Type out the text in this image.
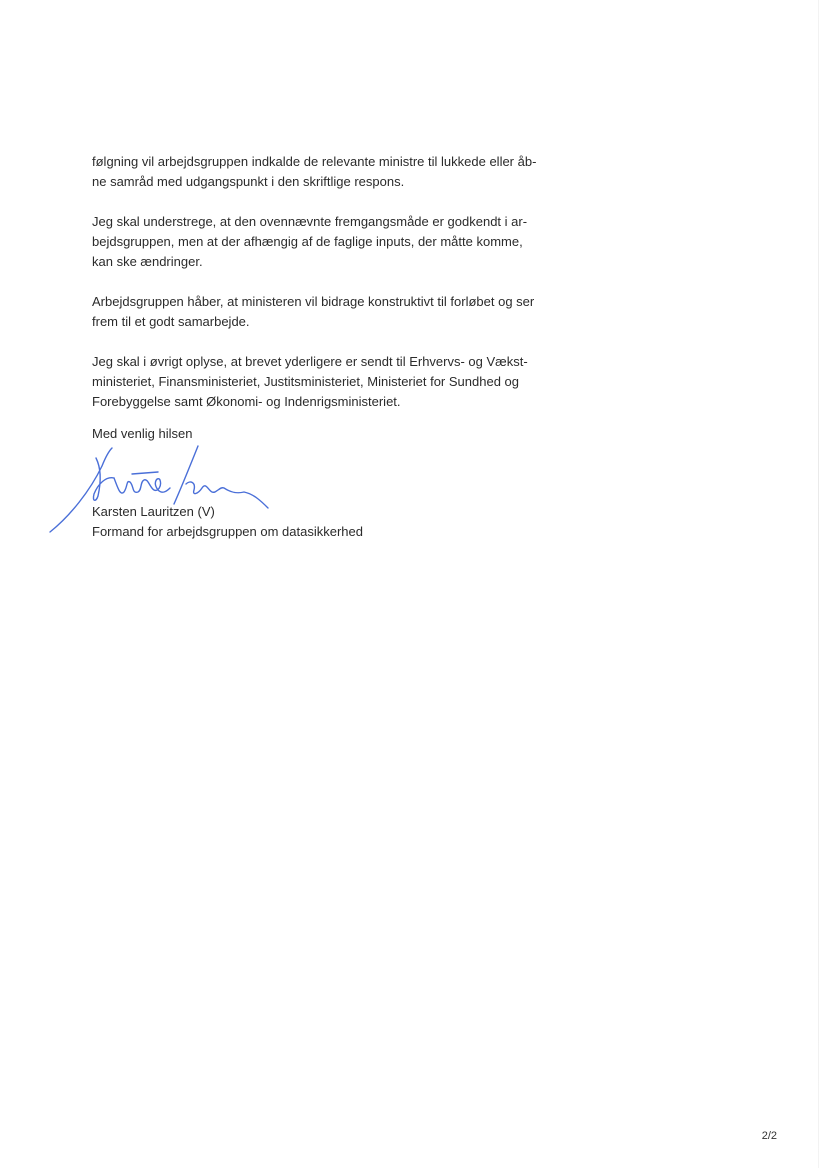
følgning vil arbejdsgruppen indkalde de relevante ministre til lukkede eller åb-
ne samråd med udgangspunkt i den skriftlige respons.

Jeg skal understrege, at den ovennævnte fremgangsmåde er godkendt i ar-
bejdsgruppen, men at der afhængig af de faglige inputs, der måtte komme,
kan ske ændringer.

Arbejdsgruppen håber, at ministeren vil bidrage konstruktivt til forløbet og ser
frem til et godt samarbejde.

Jeg skal i øvrigt oplyse, at brevet yderligere er sendt til Erhvervs- og Vækst-
ministeriet, Finansministeriet, Justitsministeriet, Ministeriet for Sundhed og
Forebyggelse samt Økonomi- og Indenrigsministeriet.

Med venlig hilsen
Karsten Lauritzen (V)
Formand for arbejdsgruppen om datasikkerhed
2/2
